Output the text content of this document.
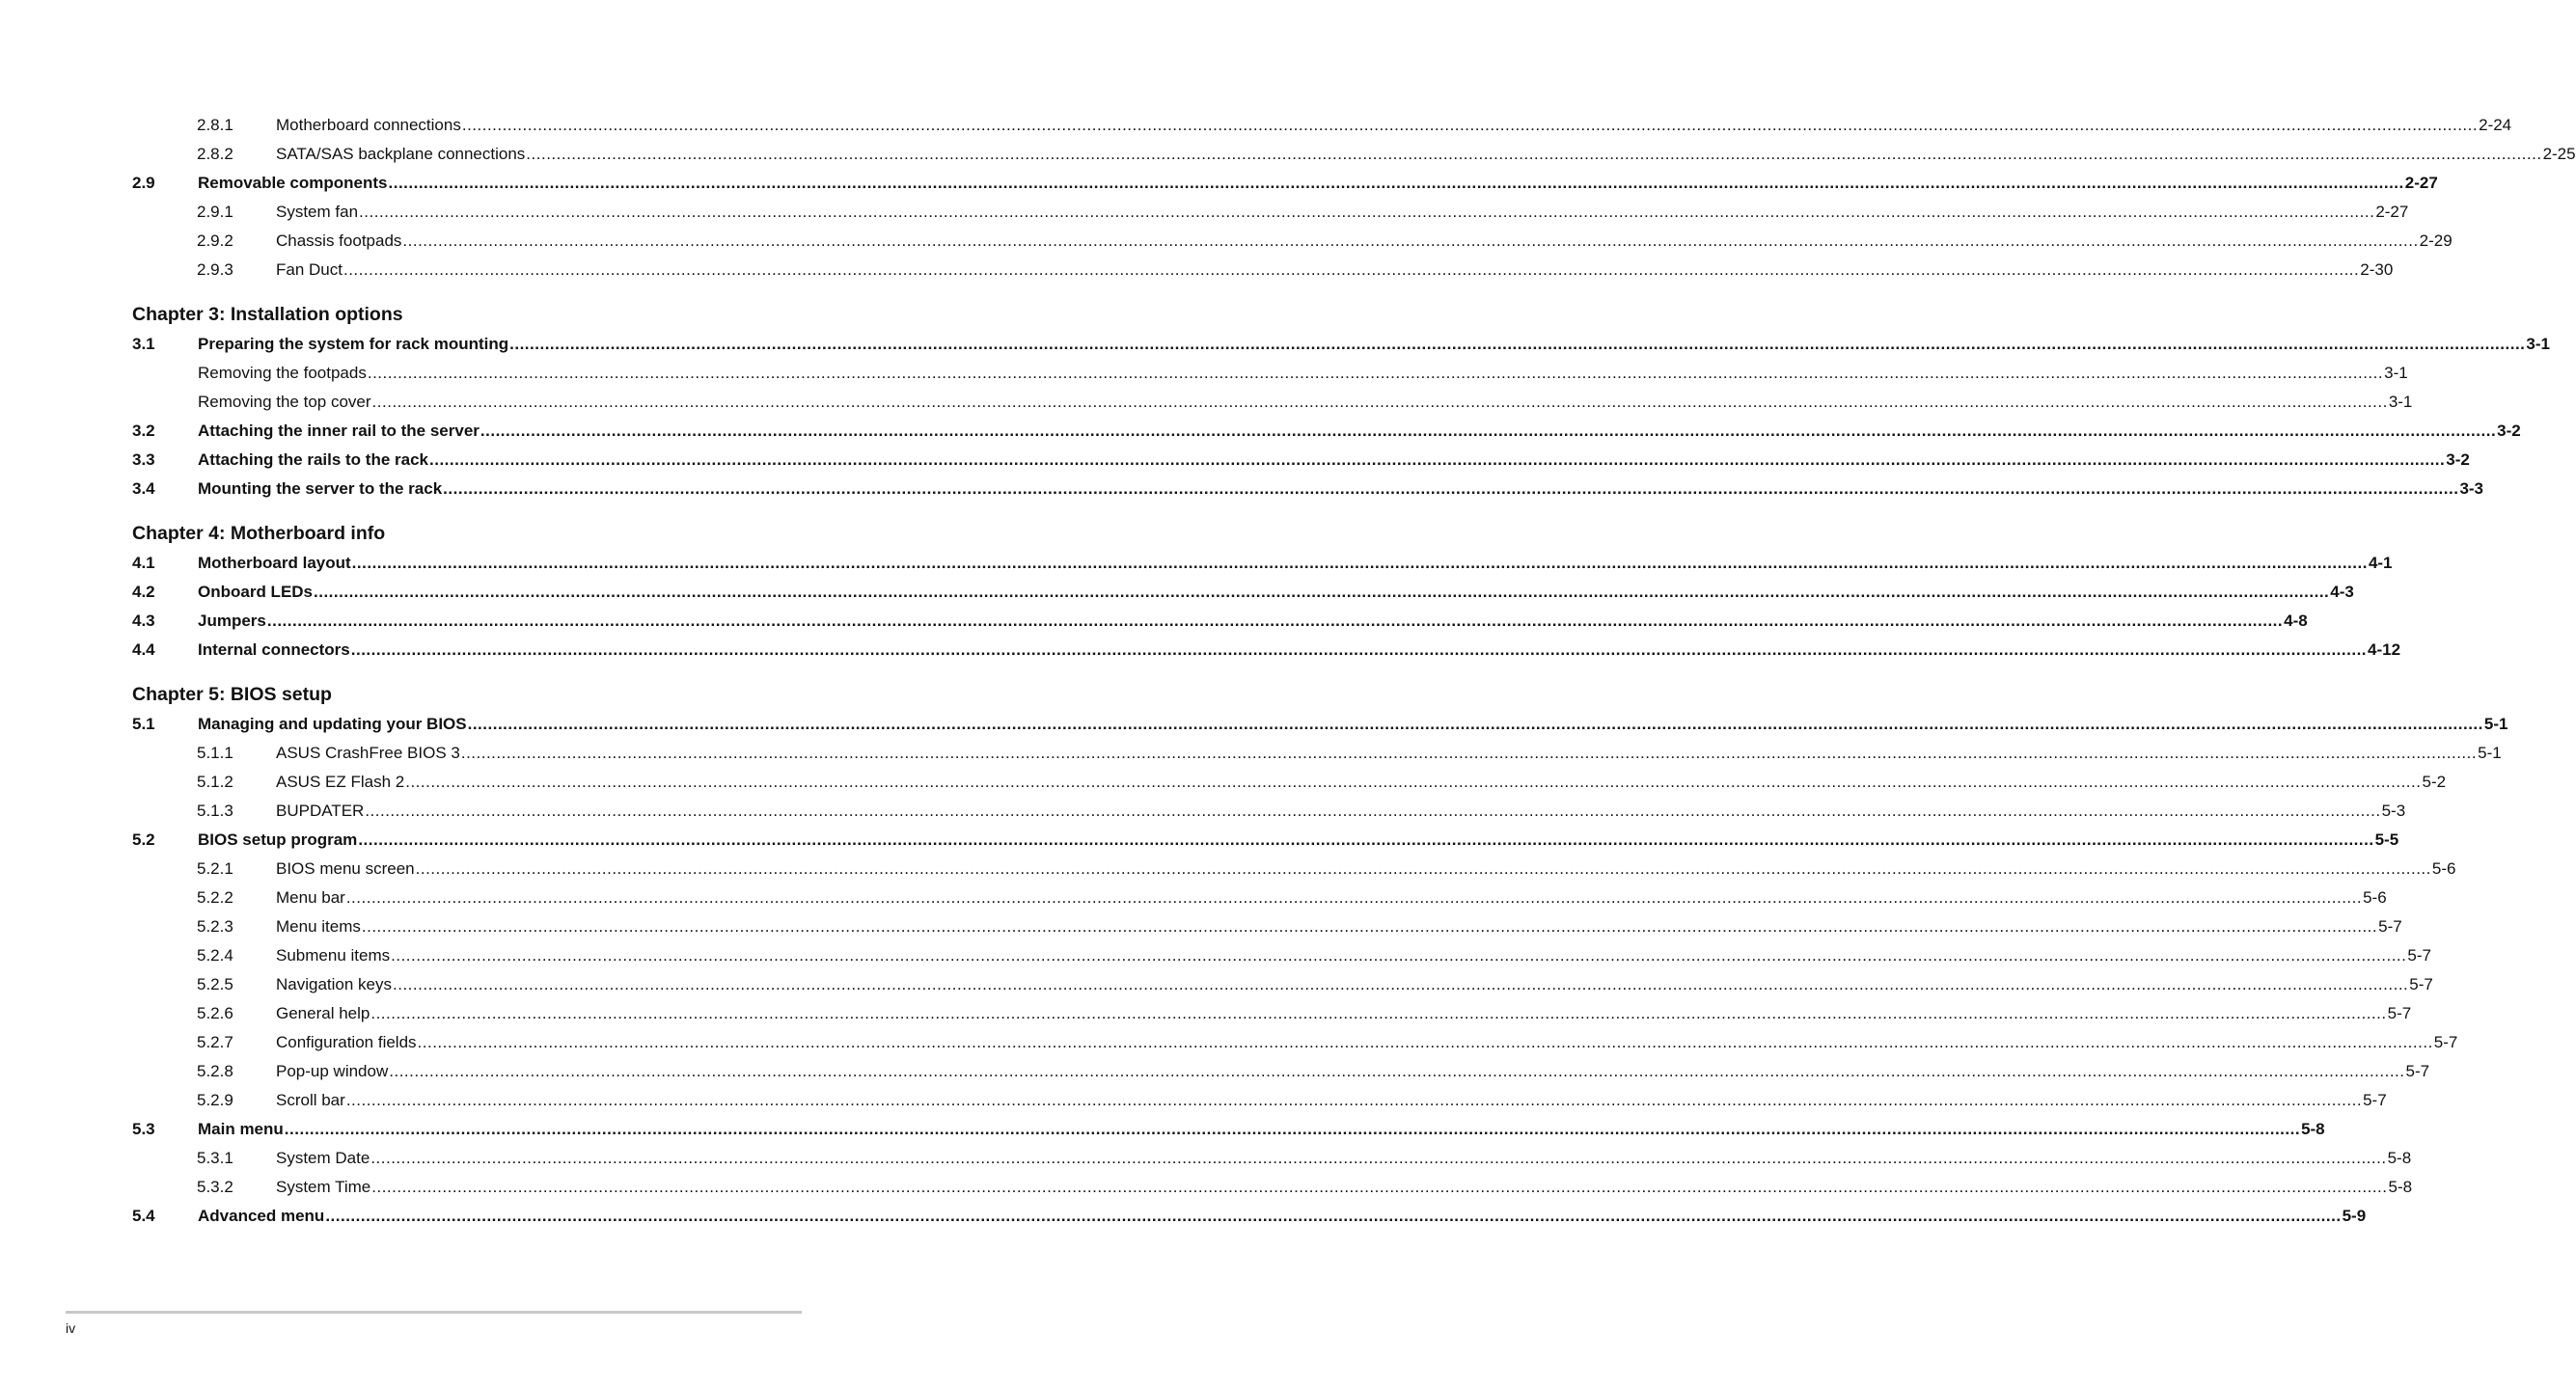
2.8.1	Motherboard connections ................................................................................................................................................................................................................................................................................................................................................................................................................ 2-24
2.8.2	SATA/SAS backplane connections ................................................................................................................................................................................................................................................................................................................................................................................................................ 2-25
2.9	Removable components ................................................................................................................................................................................................................................................................................................................................................................................................................ 2-27
2.9.1	System fan ................................................................................................................................................................................................................................................................................................................................................................................................................ 2-27
2.9.2	Chassis footpads ................................................................................................................................................................................................................................................................................................................................................................................................................ 2-29
2.9.3	Fan Duct ................................................................................................................................................................................................................................................................................................................................................................................................................ 2-30
Chapter 3: Installation options
3.1	Preparing the system for rack mounting ................................................................................................................................................................................................................................................................................................................................................................................................................ 3-1
Removing the footpads ................................................................................................................................................................................................................................................................................................................................................................................................................ 3-1
Removing the top cover ................................................................................................................................................................................................................................................................................................................................................................................................................ 3-1
3.2	Attaching the inner rail to the server ................................................................................................................................................................................................................................................................................................................................................................................................................ 3-2
3.3	Attaching the rails to the rack ................................................................................................................................................................................................................................................................................................................................................................................................................ 3-2
3.4	Mounting the server to the rack ................................................................................................................................................................................................................................................................................................................................................................................................................ 3-3
Chapter 4: Motherboard info
4.1	Motherboard layout ................................................................................................................................................................................................................................................................................................................................................................................................................ 4-1
4.2	Onboard LEDs ................................................................................................................................................................................................................................................................................................................................................................................................................ 4-3
4.3	Jumpers ................................................................................................................................................................................................................................................................................................................................................................................................................ 4-8
4.4	Internal connectors ................................................................................................................................................................................................................................................................................................................................................................................................................ 4-12
Chapter 5: BIOS setup
5.1	Managing and updating your BIOS ................................................................................................................................................................................................................................................................................................................................................................................................................ 5-1
5.1.1	ASUS CrashFree BIOS 3 ................................................................................................................................................................................................................................................................................................................................................................................................................ 5-1
5.1.2	ASUS EZ Flash 2 ................................................................................................................................................................................................................................................................................................................................................................................................................ 5-2
5.1.3	BUPDATER ................................................................................................................................................................................................................................................................................................................................................................................................................ 5-3
5.2	BIOS setup program ................................................................................................................................................................................................................................................................................................................................................................................................................ 5-5
5.2.1	BIOS menu screen ................................................................................................................................................................................................................................................................................................................................................................................................................ 5-6
5.2.2	Menu bar ................................................................................................................................................................................................................................................................................................................................................................................................................ 5-6
5.2.3	Menu items ................................................................................................................................................................................................................................................................................................................................................................................................................ 5-7
5.2.4	Submenu items ................................................................................................................................................................................................................................................................................................................................................................................................................ 5-7
5.2.5	Navigation keys ................................................................................................................................................................................................................................................................................................................................................................................................................ 5-7
5.2.6	General help ................................................................................................................................................................................................................................................................................................................................................................................................................ 5-7
5.2.7	Configuration fields ................................................................................................................................................................................................................................................................................................................................................................................................................ 5-7
5.2.8	Pop-up window ................................................................................................................................................................................................................................................................................................................................................................................................................ 5-7
5.2.9	Scroll bar ................................................................................................................................................................................................................................................................................................................................................................................................................ 5-7
5.3	Main menu ................................................................................................................................................................................................................................................................................................................................................................................................................ 5-8
5.3.1	System Date ................................................................................................................................................................................................................................................................................................................................................................................................................ 5-8
5.3.2	System Time ................................................................................................................................................................................................................................................................................................................................................................................................................ 5-8
5.4	Advanced menu ................................................................................................................................................................................................................................................................................................................................................................................................................ 5-9
iv
